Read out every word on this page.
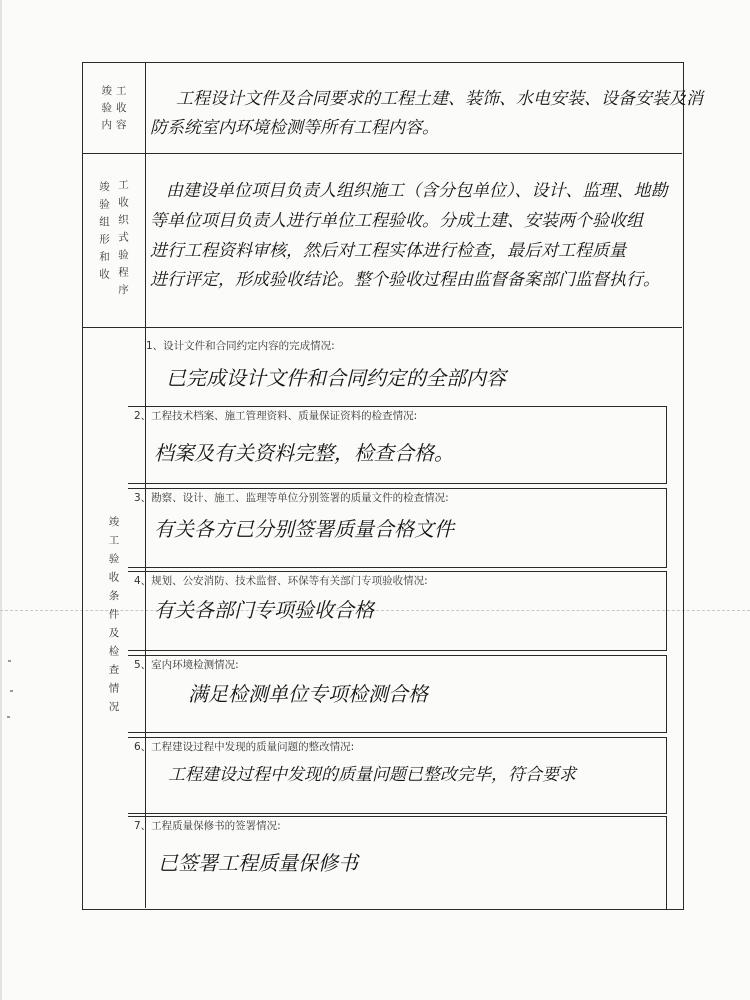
竣
验
内
工
收
容
竣验组形和收 工收织式验程序
竣工验收条件及检查情况
工程设计文件及合同要求的工程土建、装饰、水电安装、设备安装及消
防系统室内环境检测等所有工程内容。
由建设单位项目负责人组织施工（含分包单位）、设计、监理、地勘
等单位项目负责人进行单位工程验收。分成土建、安装两个验收组
进行工程资料审核，然后对工程实体进行检查，最后对工程质量
进行评定，形成验收结论。整个验收过程由监督备案部门监督执行。
1、设计文件和合同约定内容的完成情况:
已完成设计文件和合同约定的全部内容
2、工程技术档案、施工管理资料、质量保证资料的检查情况:
档案及有关资料完整，检查合格。
3、勘察、设计、施工、监理等单位分别签署的质量文件的检查情况:
有关各方已分别签署质量合格文件
4、规划、公安消防、技术监督、环保等有关部门专项验收情况:
有关各部门专项验收合格
5、室内环境检测情况:
满足检测单位专项检测合格
6、工程建设过程中发现的质量问题的整改情况:
工程建设过程中发现的质量问题已整改完毕，符合要求
7、工程质量保修书的签署情况:
已签署工程质量保修书
